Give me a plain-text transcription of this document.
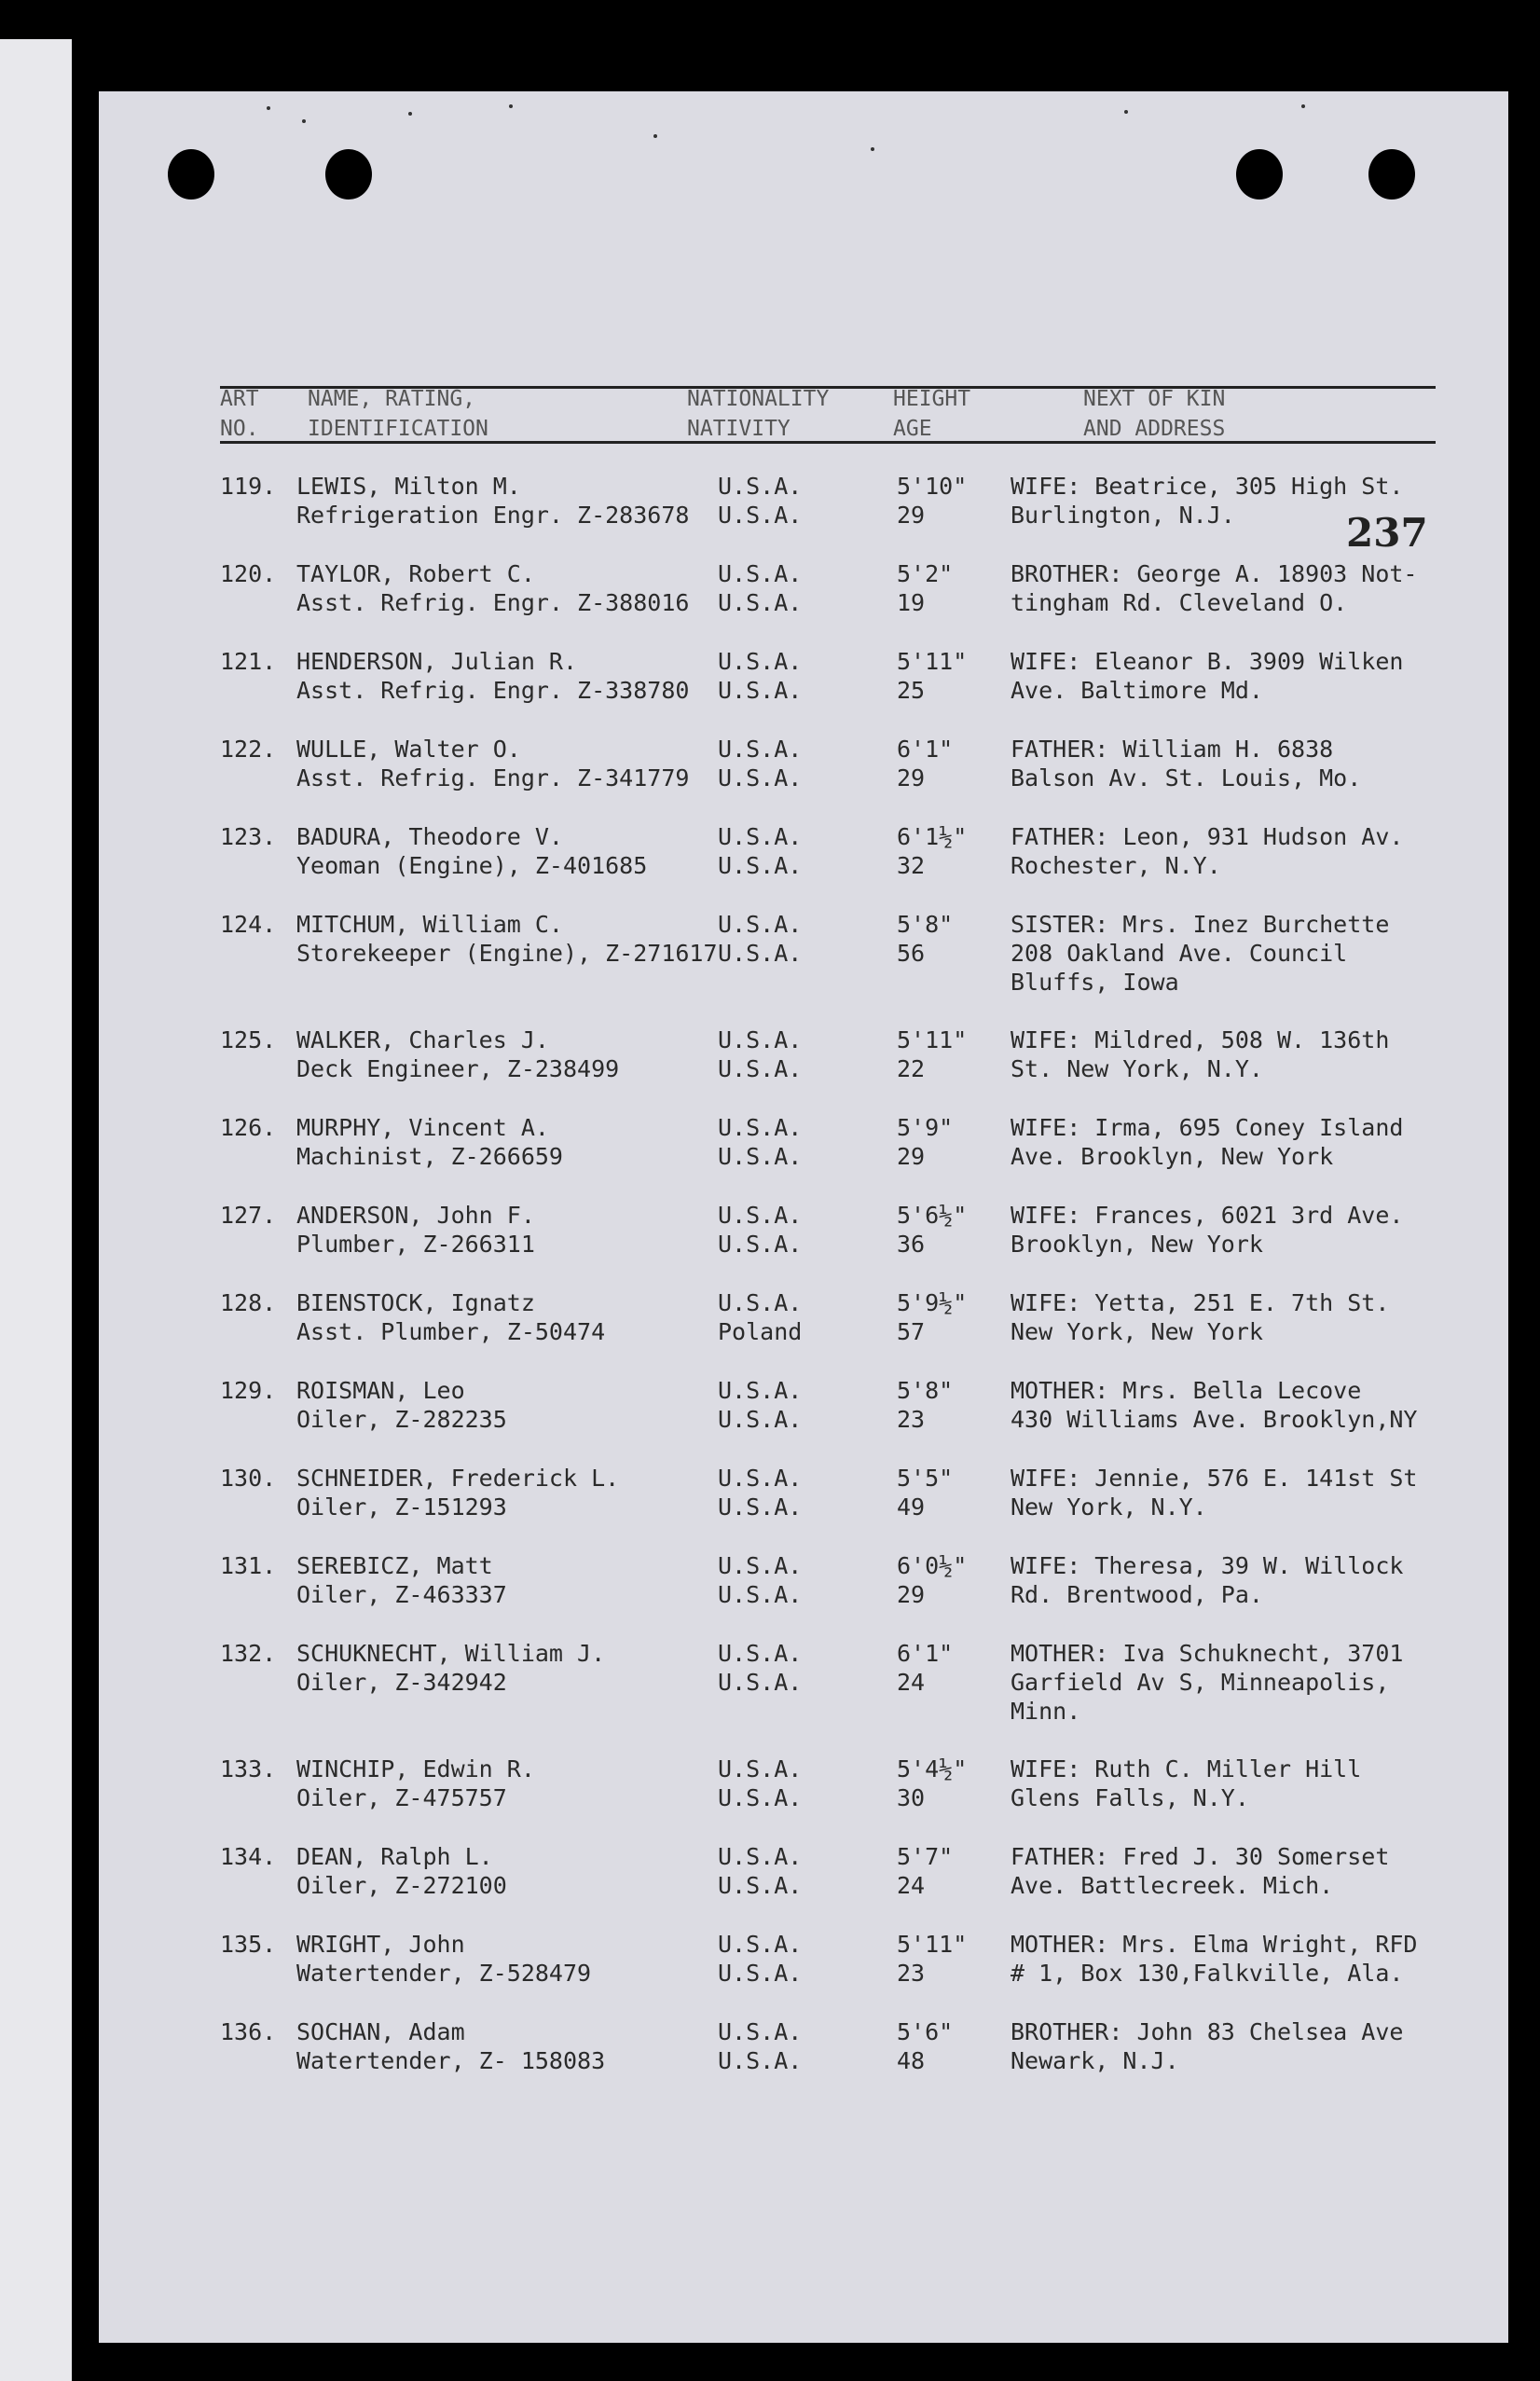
237
ART
NO.
NAME, RATING,
IDENTIFICATION
NATIONALITY
NATIVITY
HEIGHT
AGE
NEXT OF KIN
AND ADDRESS
119. LEWIS, Milton M.
Refrigeration Engr. Z-283678
U.S.A.
U.S.A.
5'10"
29
WIFE: Beatrice, 305 High St.
Burlington, N.J.
120. TAYLOR, Robert C.
Asst. Refrig. Engr. Z-388016
U.S.A.
U.S.A.
5'2"
19
BROTHER: George A. 18903 Not-
tingham Rd. Cleveland O.
121. HENDERSON, Julian R.
Asst. Refrig. Engr. Z-338780
U.S.A.
U.S.A.
5'11"
25
WIFE: Eleanor B. 3909 Wilken
Ave. Baltimore Md.
122. WULLE, Walter O.
Asst. Refrig. Engr. Z-341779
U.S.A.
U.S.A.
6'1"
29
FATHER: William H. 6838
Balson Av. St. Louis, Mo.
123. BADURA, Theodore V.
Yeoman (Engine), Z-401685
U.S.A.
U.S.A.
6'1½"
32
FATHER: Leon, 931 Hudson Av.
Rochester, N.Y.
124. MITCHUM, William C.
Storekeeper (Engine), Z-271617
U.S.A.
U.S.A.
5'8"
56
SISTER: Mrs. Inez Burchette
208 Oakland Ave. Council
Bluffs, Iowa
125. WALKER, Charles J.
Deck Engineer, Z-238499
U.S.A.
U.S.A.
5'11"
22
WIFE: Mildred, 508 W. 136th
St. New York, N.Y.
126. MURPHY, Vincent A.
Machinist, Z-266659
U.S.A.
U.S.A.
5'9"
29
WIFE: Irma, 695 Coney Island
Ave. Brooklyn, New York
127. ANDERSON, John F.
Plumber, Z-266311
U.S.A.
U.S.A.
5'6½"
36
WIFE: Frances, 6021 3rd Ave.
Brooklyn, New York
128. BIENSTOCK, Ignatz
Asst. Plumber, Z-50474
U.S.A.
Poland
5'9½"
57
WIFE: Yetta, 251 E. 7th St.
New York, New York
129. ROISMAN, Leo
Oiler, Z-282235
U.S.A.
U.S.A.
5'8"
23
MOTHER: Mrs. Bella Lecove
430 Williams Ave. Brooklyn,NY
130. SCHNEIDER, Frederick L.
Oiler, Z-151293
U.S.A.
U.S.A.
5'5"
49
WIFE: Jennie, 576 E. 141st St
New York, N.Y.
131. SEREBICZ, Matt
Oiler, Z-463337
U.S.A.
U.S.A.
6'0½"
29
WIFE: Theresa, 39 W. Willock
Rd. Brentwood, Pa.
132. SCHUKNECHT, William J.
Oiler, Z-342942
U.S.A.
U.S.A.
6'1"
24
MOTHER: Iva Schuknecht, 3701
Garfield Av S, Minneapolis,
Minn.
133. WINCHIP, Edwin R.
Oiler, Z-475757
U.S.A.
U.S.A.
5'4½"
30
WIFE: Ruth C. Miller Hill
Glens Falls, N.Y.
134. DEAN, Ralph L.
Oiler, Z-272100
U.S.A.
U.S.A.
5'7"
24
FATHER: Fred J. 30 Somerset
Ave. Battlecreek. Mich.
135. WRIGHT, John
Watertender, Z-528479
U.S.A.
U.S.A.
5'11"
23
MOTHER: Mrs. Elma Wright, RFD
# 1, Box 130,Falkville, Ala.
136. SOCHAN, Adam
Watertender, Z- 158083
U.S.A.
U.S.A.
5'6"
48
BROTHER: John 83 Chelsea Ave
Newark, N.J.
